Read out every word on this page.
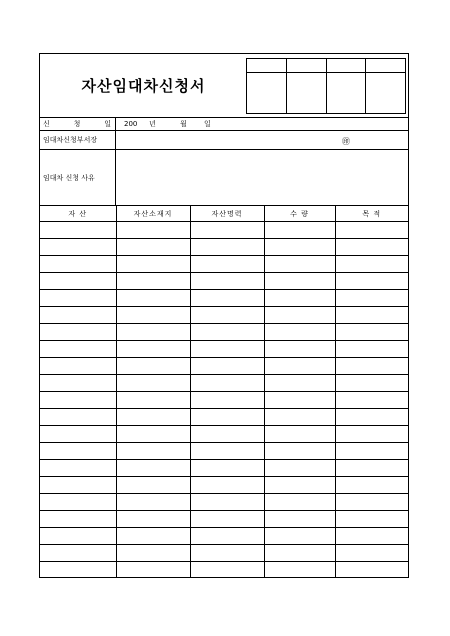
자산임대차신청서

신	청	일 200 년	월 일
임대차신청부서장	㊞
임대차 신청 사유
자 산	자산소재지	자산명력	수 량	목 적
